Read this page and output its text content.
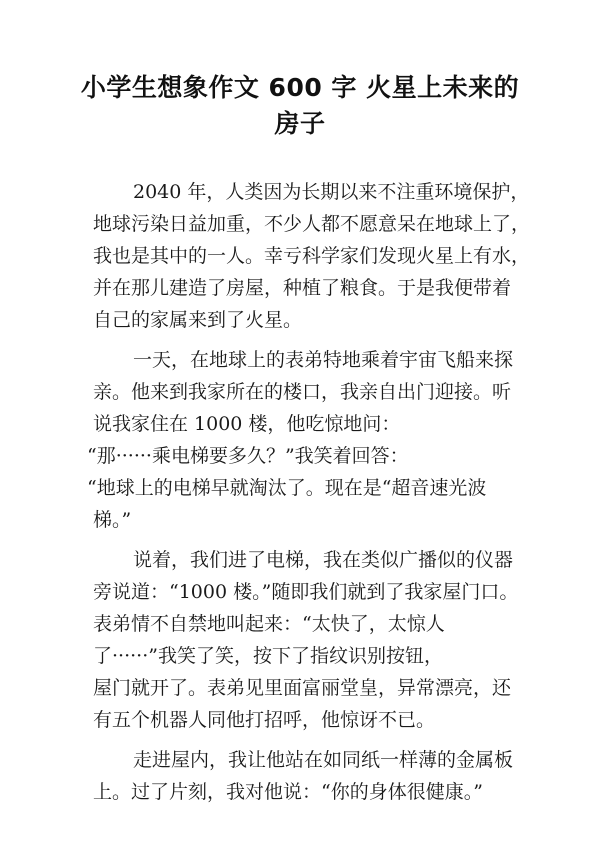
小学生想象作文 600 字 火星上未来的
房子
2040 年，人类因为长期以来不注重环境保护，
地球污染日益加重，不少人都不愿意呆在地球上了，
我也是其中的一人。幸亏科学家们发现火星上有水，
并在那儿建造了房屋，种植了粮食。于是我便带着
自己的家属来到了火星。
一天，在地球上的表弟特地乘着宇宙飞船来探
亲。他来到我家所在的楼口，我亲自出门迎接。听
说我家住在 1000 楼，他吃惊地问：
“那······乘电梯要多久？”我笑着回答：
“地球上的电梯早就淘汰了。现在是“超音速光波
梯。”
说着，我们进了电梯，我在类似广播似的仪器
旁说道：“1000 楼。”随即我们就到了我家屋门口。
表弟情不自禁地叫起来：“太快了，太惊人
了······”我笑了笑，按下了指纹识别按钮，
屋门就开了。表弟见里面富丽堂皇，异常漂亮，还
有五个机器人同他打招呼，他惊讶不已。
走进屋内，我让他站在如同纸一样薄的金属板
上。过了片刻，我对他说：“你的身体很健康。”
